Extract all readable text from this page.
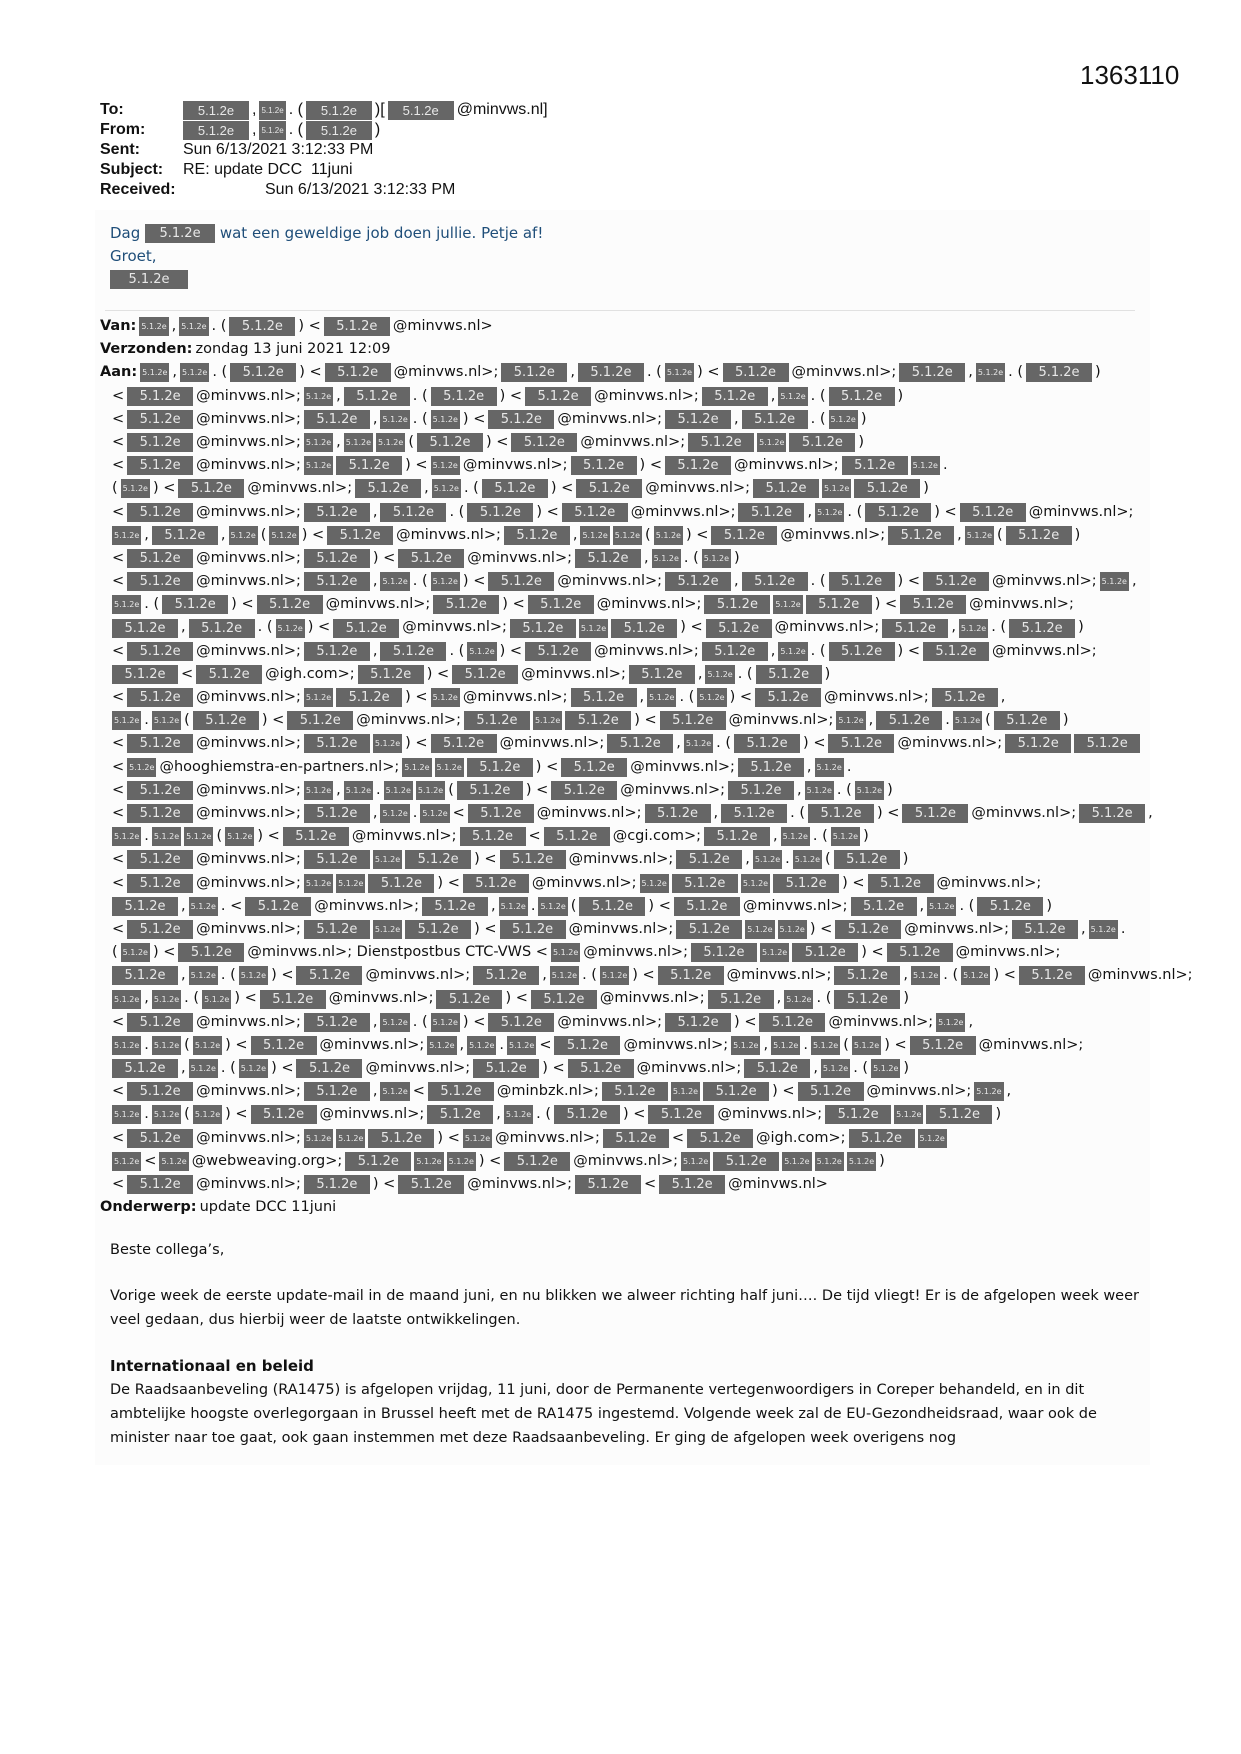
1363110
To:	5.1.2e	, 5.1.2e . (	5.1.2e	)[	5.1.2e	@minvws.nl]
From:	5.1.2e	, 5.1.2e . (	5.1.2e	)
Sent:	Sun 6/13/2021 3:12:33 PM
Subject:	RE: update DCC  11juni
Received:	Sun 6/13/2021 3:12:33 PM
Dag 5.1.2e wat een geweldige job doen jullie. Petje af!
Groet,
5.1.2e
Van: 5.1.2e , 5.1.2e . (	5.1.2e	) <	5.1.2e	@minvws.nl>
Verzonden: zondag 13 juni 2021 12:09
Aan: 5.1.2e , 5.1.2e . (	5.1.2e	) <	5.1.2e	@minvws.nl>;	5.1.2e	,	5.1.2e	. ( 5.1.2e ) <	5.1.2e	@minvws.nl>;	5.1.2e	, 5.1.2e . (	5.1.2e	)
<	5.1.2e	@minvws.nl>; 5.1.2e ,	5.1.2e	. (	5.1.2e	) <	5.1.2e	@minvws.nl>;	5.1.2e	, 5.1.2e . (	5.1.2e	)
<	5.1.2e	@minvws.nl>;	5.1.2e	, 5.1.2e . ( 5.1.2e ) <	5.1.2e	@minvws.nl>;	5.1.2e	,	5.1.2e	. ( 5.1.2e )
<	5.1.2e	@minvws.nl>; 5.1.2e , 5.1.2e 5.1.2e (	5.1.2e	) <	5.1.2e	@minvws.nl>;	5.1.2e	5.1.2e	5.1.2e	)
<	5.1.2e	@minvws.nl>; 5.1.2e	5.1.2e	) < 5.1.2e @minvws.nl>;	5.1.2e	) <	5.1.2e	@minvws.nl>;	5.1.2e	5.1.2e .
( 5.1.2e ) <	5.1.2e	@minvws.nl>;	5.1.2e	, 5.1.2e . (	5.1.2e	) <	5.1.2e	@minvws.nl>;	5.1.2e	5.1.2e	5.1.2e	)
<	5.1.2e	@minvws.nl>;	5.1.2e	,	5.1.2e	. (	5.1.2e	) <	5.1.2e	@minvws.nl>;	5.1.2e	, 5.1.2e . (	5.1.2e	) <	5.1.2e	@minvws.nl>;
5.1.2e ,	5.1.2e	, 5.1.2e ( 5.1.2e ) <	5.1.2e	@minvws.nl>;	5.1.2e	, 5.1.2e 5.1.2e ( 5.1.2e ) <	5.1.2e	@minvws.nl>;	5.1.2e	, 5.1.2e (	5.1.2e	)
<	5.1.2e	@minvws.nl>;	5.1.2e	) <	5.1.2e	@minvws.nl>;	5.1.2e	, 5.1.2e . ( 5.1.2e )
<	5.1.2e	@minvws.nl>;	5.1.2e	, 5.1.2e . ( 5.1.2e ) <	5.1.2e	@minvws.nl>;	5.1.2e	,	5.1.2e	. (	5.1.2e	) <	5.1.2e	@minvws.nl>; 5.1.2e ,
5.1.2e . (	5.1.2e	) <	5.1.2e	@minvws.nl>;	5.1.2e	) <	5.1.2e	@minvws.nl>;	5.1.2e	5.1.2e	5.1.2e	) <	5.1.2e	@minvws.nl>;
5.1.2e	,	5.1.2e	. ( 5.1.2e ) <	5.1.2e	@minvws.nl>;	5.1.2e	5.1.2e	5.1.2e	) <	5.1.2e	@minvws.nl>;	5.1.2e	, 5.1.2e . (	5.1.2e	)
<	5.1.2e	@minvws.nl>;	5.1.2e	,	5.1.2e	. ( 5.1.2e ) <	5.1.2e	@minvws.nl>;	5.1.2e	, 5.1.2e . (	5.1.2e	) <	5.1.2e	@minvws.nl>;
5.1.2e	<	5.1.2e	@igh.com>;	5.1.2e	) <	5.1.2e	@minvws.nl>;	5.1.2e	, 5.1.2e . (	5.1.2e	)
<	5.1.2e	@minvws.nl>; 5.1.2e	5.1.2e	) < 5.1.2e @minvws.nl>;	5.1.2e	, 5.1.2e . ( 5.1.2e ) <	5.1.2e	@minvws.nl>;	5.1.2e	,
5.1.2e . 5.1.2e (	5.1.2e	) <	5.1.2e	@minvws.nl>;	5.1.2e	5.1.2e	5.1.2e	) <	5.1.2e	@minvws.nl>; 5.1.2e ,	5.1.2e	. 5.1.2e (	5.1.2e	)
<	5.1.2e	@minvws.nl>;	5.1.2e	5.1.2e ) <	5.1.2e	@minvws.nl>;	5.1.2e	, 5.1.2e . (	5.1.2e	) <	5.1.2e	@minvws.nl>;	5.1.2e	5.1.2e
< 5.1.2e @hooghiemstra-en-partners.nl>; 5.1.2e 5.1.2e	5.1.2e	) <	5.1.2e	@minvws.nl>;	5.1.2e	, 5.1.2e .
<	5.1.2e	@minvws.nl>; 5.1.2e , 5.1.2e . 5.1.2e 5.1.2e (	5.1.2e	) <	5.1.2e	@minvws.nl>;	5.1.2e	, 5.1.2e . ( 5.1.2e )
<	5.1.2e	@minvws.nl>;	5.1.2e	, 5.1.2e . 5.1.2e <	5.1.2e	@minvws.nl>;	5.1.2e	,	5.1.2e	. (	5.1.2e	) <	5.1.2e	@minvws.nl>;	5.1.2e	,
5.1.2e . 5.1.2e 5.1.2e ( 5.1.2e ) <	5.1.2e	@minvws.nl>;	5.1.2e	<	5.1.2e	@cgi.com>;	5.1.2e	, 5.1.2e . ( 5.1.2e )
<	5.1.2e	@minvws.nl>;	5.1.2e	5.1.2e	5.1.2e	) <	5.1.2e	@minvws.nl>;	5.1.2e	, 5.1.2e . 5.1.2e (	5.1.2e	)
<	5.1.2e	@minvws.nl>; 5.1.2e 5.1.2e	5.1.2e	) <	5.1.2e	@minvws.nl>; 5.1.2e	5.1.2e	5.1.2e	5.1.2e	) <	5.1.2e	@minvws.nl>;
5.1.2e	, 5.1.2e . <	5.1.2e	@minvws.nl>;	5.1.2e	, 5.1.2e . 5.1.2e (	5.1.2e	) <	5.1.2e	@minvws.nl>;	5.1.2e	, 5.1.2e . (	5.1.2e	)
<	5.1.2e	@minvws.nl>;	5.1.2e	5.1.2e	5.1.2e	) <	5.1.2e	@minvws.nl>;	5.1.2e	5.1.2e 5.1.2e ) <	5.1.2e	@minvws.nl>;	5.1.2e	, 5.1.2e .
( 5.1.2e ) <	5.1.2e	@minvws.nl>; Dienstpostbus CTC-VWS < 5.1.2e @minvws.nl>;	5.1.2e	5.1.2e	5.1.2e	) <	5.1.2e	@minvws.nl>;
5.1.2e	, 5.1.2e . ( 5.1.2e ) <	5.1.2e	@minvws.nl>;	5.1.2e	, 5.1.2e . ( 5.1.2e ) <	5.1.2e	@minvws.nl>;	5.1.2e	, 5.1.2e . ( 5.1.2e ) <	5.1.2e	@minvws.nl>;
5.1.2e , 5.1.2e . ( 5.1.2e ) <	5.1.2e	@minvws.nl>;	5.1.2e	) <	5.1.2e	@minvws.nl>;	5.1.2e	, 5.1.2e . (	5.1.2e	)
<	5.1.2e	@minvws.nl>;	5.1.2e	, 5.1.2e . ( 5.1.2e ) <	5.1.2e	@minvws.nl>;	5.1.2e	) <	5.1.2e	@minvws.nl>; 5.1.2e ,
5.1.2e . 5.1.2e ( 5.1.2e ) <	5.1.2e	@minvws.nl>; 5.1.2e , 5.1.2e . 5.1.2e <	5.1.2e	@minvws.nl>; 5.1.2e , 5.1.2e . 5.1.2e ( 5.1.2e ) <	5.1.2e	@minvws.nl>;
5.1.2e	, 5.1.2e . ( 5.1.2e ) <	5.1.2e	@minvws.nl>;	5.1.2e	) <	5.1.2e	@minvws.nl>;	5.1.2e	, 5.1.2e . ( 5.1.2e )
<	5.1.2e	@minvws.nl>;	5.1.2e	, 5.1.2e <	5.1.2e	@minbzk.nl>;	5.1.2e	5.1.2e	5.1.2e	) <	5.1.2e	@minvws.nl>; 5.1.2e ,
5.1.2e . 5.1.2e ( 5.1.2e ) <	5.1.2e	@minvws.nl>;	5.1.2e	, 5.1.2e . (	5.1.2e	) <	5.1.2e	@minvws.nl>;	5.1.2e	5.1.2e	5.1.2e	)
<	5.1.2e	@minvws.nl>; 5.1.2e 5.1.2e	5.1.2e	) < 5.1.2e @minvws.nl>;	5.1.2e	<	5.1.2e	@igh.com>;	5.1.2e	5.1.2e
5.1.2e < 5.1.2e @webweaving.org>;	5.1.2e	5.1.2e 5.1.2e ) <	5.1.2e	@minvws.nl>; 5.1.2e	5.1.2e	5.1.2e 5.1.2e 5.1.2e )
<	5.1.2e	@minvws.nl>;	5.1.2e	) <	5.1.2e	@minvws.nl>;	5.1.2e	<	5.1.2e	@minvws.nl>
Onderwerp: update DCC 11juni

Beste collega’s,

Vorige week de eerste update-mail in de maand juni, en nu blikken we alweer richting half juni…. De tijd vliegt! Er is de afgelopen week weer veel gedaan, dus hierbij weer de laatste ontwikkelingen.

Internationaal en beleid

De Raadsaanbeveling (RA1475) is afgelopen vrijdag, 11 juni, door de Permanente vertegenwoordigers in Coreper behandeld, en in dit ambtelijke hoogste overlegorgaan in Brussel heeft met de RA1475 ingestemd. Volgende week zal de EU-Gezondheidsraad, waar ook de minister naar toe gaat, ook gaan instemmen met deze Raadsaanbeveling. Er ging de afgelopen week overigens nog
